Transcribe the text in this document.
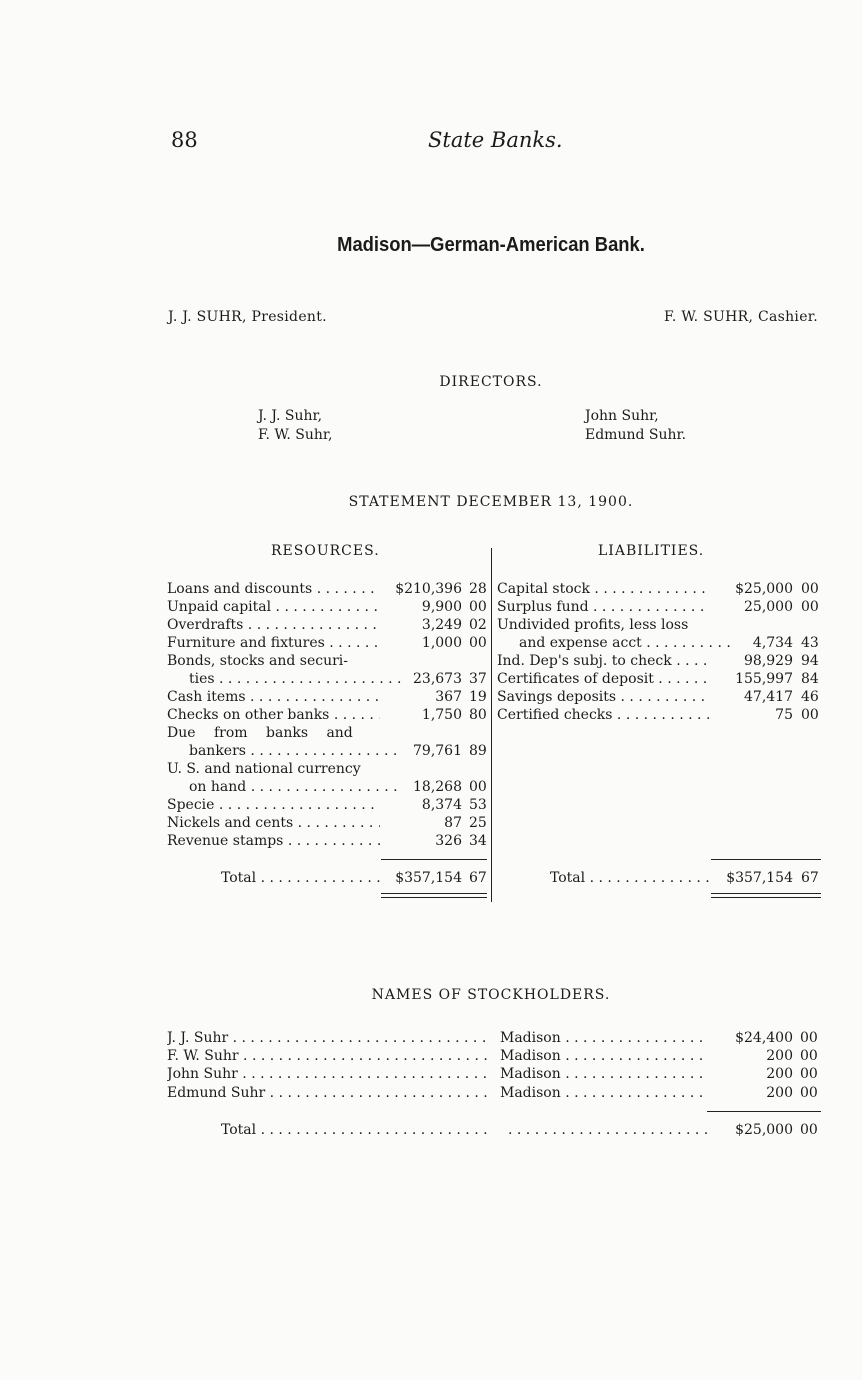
88	State Banks.
Madison—German-American Bank.
J. J. SUHR, President.	F. W. SUHR, Cashier.
DIRECTORS.
J. J. Suhr,
F. W. Suhr,
John Suhr,
Edmund Suhr.
STATEMENT DECEMBER 13, 1900.
RESOURCES.	LIABILITIES.
Loans and discounts . . .	$210,396 28
Unpaid capital . . .	9,900 00
Overdrafts . . .	3,249 02
Furniture and fixtures . . .	1,000 00
Bonds, stocks and securi-
ties . . .	23,673 37
Cash items . . .	367 19
Checks on other banks . . .	1,750 80
Due from banks and
bankers . . .	79,761 89
U. S. and national currency
on hand . . .	18,268 00
Specie . . .	8,374 53
Nickels and cents . . .	87 25
Revenue stamps . . .	326 34
Total . . .	$357,154 67
Capital stock . . .	$25,000 00
Surplus fund . . .	25,000 00
Undivided profits, less loss
and expense acct . . .	4,734 43
Ind. Dep's subj. to check . . .	98,929 94
Certificates of deposit . . .	155,997 84
Savings deposits . . .	47,417 46
Certified checks . . .	75 00
Total . . .	$357,154 67
NAMES OF STOCKHOLDERS.
J. J. Suhr . . .	Madison . . .	$24,400 00
F. W. Suhr . . .	Madison . . .	200 00
John Suhr . . .	Madison . . .	200 00
Edmund Suhr . . .	Madison . . .	200 00
Total . . .
. . .	$25,000 00
